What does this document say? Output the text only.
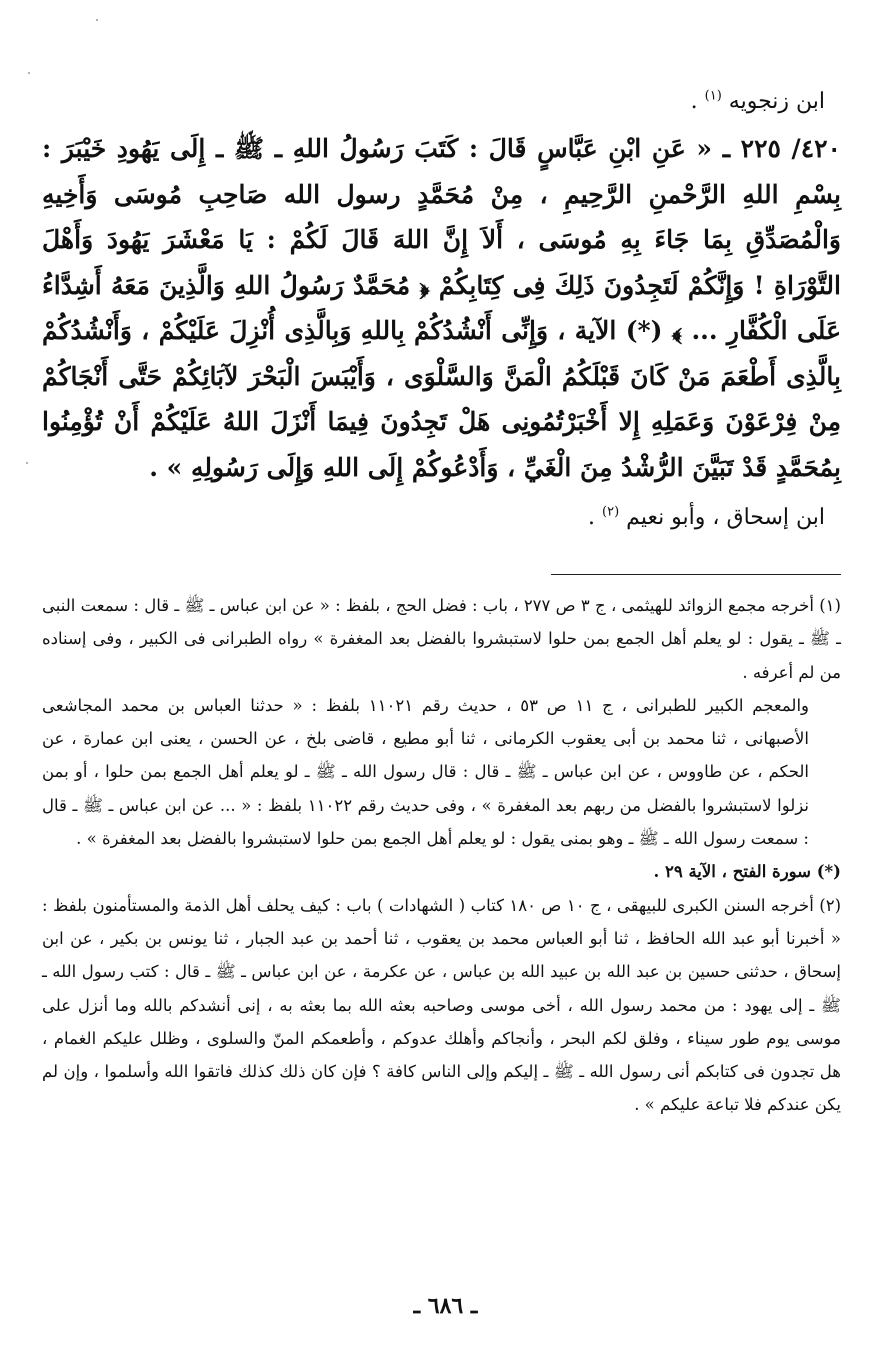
ابن زنجويه $^{(١)}$ .

٤٢٠/ ٢٢٥ ـ « عَنِ ابْنِ عَبَّاسٍ قَالَ : كَتَبَ رَسُولُ اللهِ ـ ﷺ ـ إِلَى يَهُودِ خَيْبَرَ : بِسْمِ اللهِ الرَّحْمنِ الرَّحِيمِ ، مِنْ مُحَمَّدٍ رسول الله صَاحِبِ مُوسَى وَأَخِيهِ وَالْمُصَدِّقِ بِمَا جَاءَ بِهِ مُوسَى ، أَلاَ إِنَّ اللهَ قَالَ لَكُمْ : يَا مَعْشَرَ يَهُودَ وَأَهْلَ التَّوْرَاةِ ! وَإِنَّكُمْ لَتَجِدُونَ ذَلِكَ فِى كِتَابِكُمْ ﴿ مُحَمَّدٌ رَسُولُ اللهِ وَالَّذِينَ مَعَهُ أَشِدَّاءُ عَلَى الْكُفَّارِ ... ﴾ (*) الآية ، وَإِنِّى أَنْشُدُكُمْ بِاللهِ وَبِالَّذِى أُنْزِلَ عَلَيْكُمْ ، وَأَنْشُدُكُمْ بِالَّذِى أَطْعَمَ مَنْ كَانَ قَبْلَكُمُ الْمَنَّ وَالسَّلْوَى ، وَأَيْبَسَ الْبَحْرَ لآبَائِكُمْ حَتَّى أَنْجَاكُمْ مِنْ فِرْعَوْنَ وَعَمَلِهِ إِلا أَخْبَرْتُمُونِى هَلْ تَجِدُونَ فِيمَا أَنْزَلَ اللهُ عَلَيْكُمْ أَنْ تُؤْمِنُوا بِمُحَمَّدٍ قَدْ تَبَيَّنَ الرُّشْدُ مِنَ الْغَيِّ ، وَأَدْعُوكُمْ إِلَى اللهِ وَإِلَى رَسُولِهِ » .

ابن إسحاق ، وأبو نعيم $^{(٢)}$ .

(١) أخرجه مجمع الزوائد للهيثمى ، ج ٣ ص ٢٧٧ ، باب : فضل الحج ، بلفظ : « عن ابن عباس ـ ﷺ ـ قال : سمعت النبى ـ ﷺ ـ يقول : لو يعلم أهل الجمع بمن حلوا لاستبشروا بالفضل بعد المغفرة » رواه الطبرانى فى الكبير ، وفى إسناده من لم أعرفه .

والمعجم الكبير للطبرانى ، ج ١١ ص ٥٣ ، حديث رقم ١١٠٢١ بلفظ : « حدثنا العباس بن محمد المجاشعى الأصبهانى ، ثنا محمد بن أبى يعقوب الكرمانى ، ثنا أبو مطيع ، قاضى بلخ ، عن الحسن ، يعنى ابن عمارة ، عن الحكم ، عن طاووس ، عن ابن عباس ـ ﷺ ـ قال : قال رسول الله ـ ﷺ ـ لو يعلم أهل الجمع بمن حلوا ، أو بمن نزلوا لاستبشروا بالفضل من ربهم بعد المغفرة » ، وفى حديث رقم ١١٠٢٢ بلفظ : « ... عن ابن عباس ـ ﷺ ـ قال : سمعت رسول الله ـ ﷺ ـ وهو بمنى يقول : لو يعلم أهل الجمع بمن حلوا لاستبشروا بالفضل بعد المغفرة » .

(*) سورة الفتح ، الآية ٢٩ .

(٢) أخرجه السنن الكبرى للبيهقى ، ج ١٠ ص ١٨٠ كتاب ( الشهادات ) باب : كيف يحلف أهل الذمة والمستأمنون بلفظ : « أخبرنا أبو عبد الله الحافظ ، ثنا أبو العباس محمد بن يعقوب ، ثنا أحمد بن عبد الجبار ، ثنا يونس بن بكير ، عن ابن إسحاق ، حدثنى حسين بن عبد الله بن عبيد الله بن عباس ، عن عكرمة ، عن ابن عباس ـ ﷺ ـ قال : كتب رسول الله ـ ﷺ ـ إلى يهود : من محمد رسول الله ، أخى موسى وصاحبه بعثه الله بما بعثه به ، إنى أنشدكم بالله وما أنزل على موسى يوم طور سيناء ، وفلق لكم البحر ، وأنجاكم وأهلك عدوكم ، وأطعمكم المنّ والسلوى ، وظلل عليكم الغمام ، هل تجدون فى كتابكم أنى رسول الله ـ ﷺ ـ إليكم وإلى الناس كافة ؟ فإن كان ذلك كذلك فاتقوا الله وأسلموا ، وإن لم يكن عندكم فلا تباعة عليكم » .

ـ ٦٨٦ ـ
